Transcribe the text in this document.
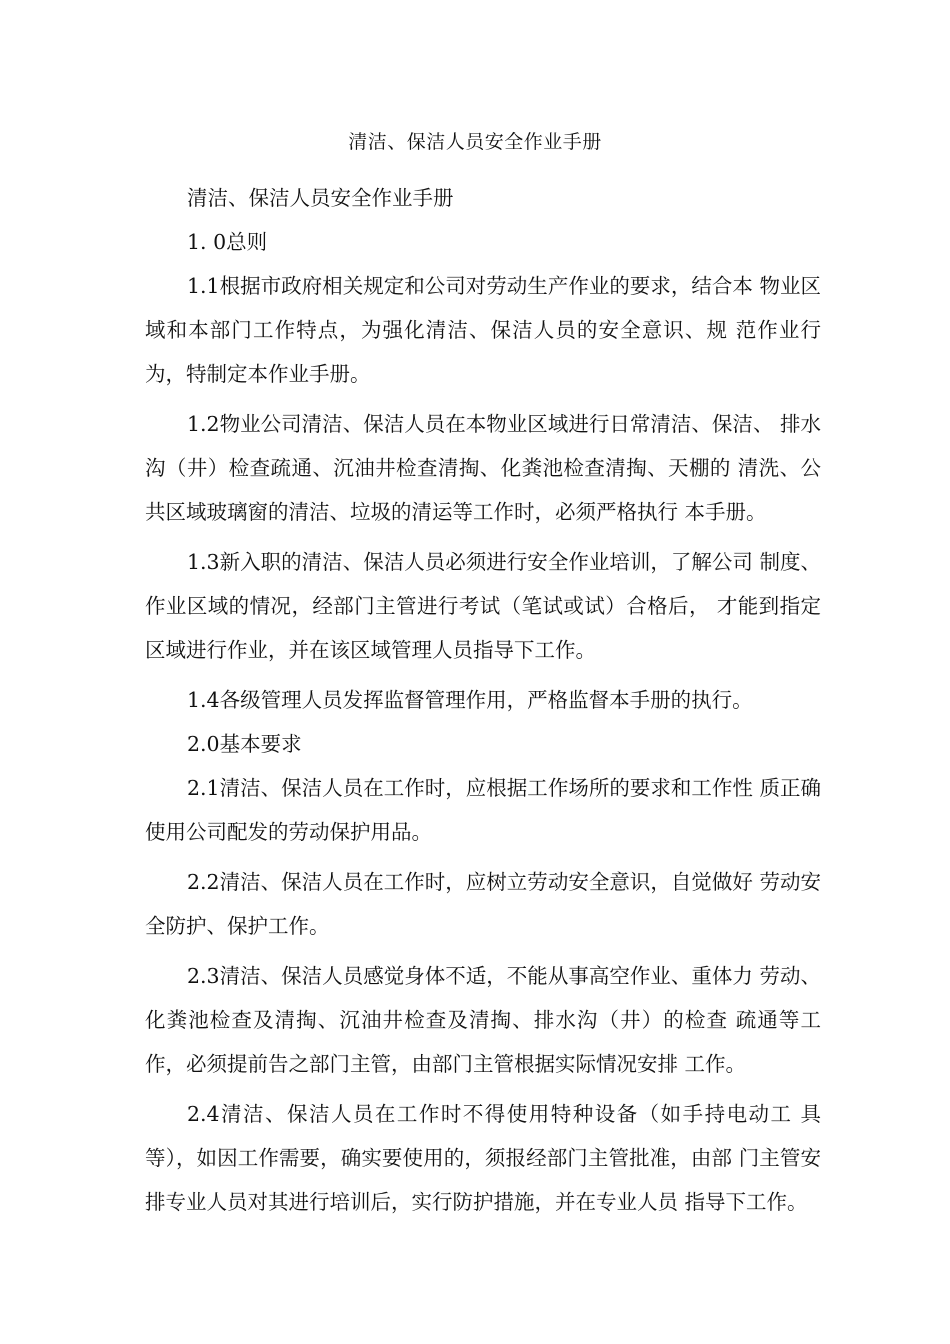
清洁、保洁人员安全作业手册

清洁、保洁人员安全作业手册

1. 0总则

1.1根据市政府相关规定和公司对劳动生产作业的要求，结合本 物业区域和本部门工作特点，为强化清洁、保洁人员的安全意识、规 范作业行为，特制定本作业手册。

1.2物业公司清洁、保洁人员在本物业区域进行日常清洁、保洁、 排水沟（井）检查疏通、沉油井检查清掏、化粪池检查清掏、天棚的 清洗、公共区域玻璃窗的清洁、垃圾的清运等工作时，必须严格执行 本手册。

1.3新入职的清洁、保洁人员必须进行安全作业培训，了解公司 制度、作业区域的情况，经部门主管进行考试（笔试或试）合格后， 才能到指定区域进行作业，并在该区域管理人员指导下工作。

1.4各级管理人员发挥监督管理作用，严格监督本手册的执行。

2.0基本要求

2.1清洁、保洁人员在工作时，应根据工作场所的要求和工作性 质正确使用公司配发的劳动保护用品。

2.2清洁、保洁人员在工作时，应树立劳动安全意识，自觉做好 劳动安全防护、保护工作。

2.3清洁、保洁人员感觉身体不适，不能从事高空作业、重体力 劳动、化粪池检查及清掏、沉油井检查及清掏、排水沟（井）的检查 疏通等工作，必须提前告之部门主管，由部门主管根据实际情况安排 工作。

2.4清洁、保洁人员在工作时不得使用特种设备（如手持电动工 具等），如因工作需要，确实要使用的，须报经部门主管批准，由部 门主管安排专业人员对其进行培训后，实行防护措施，并在专业人员 指导下工作。
